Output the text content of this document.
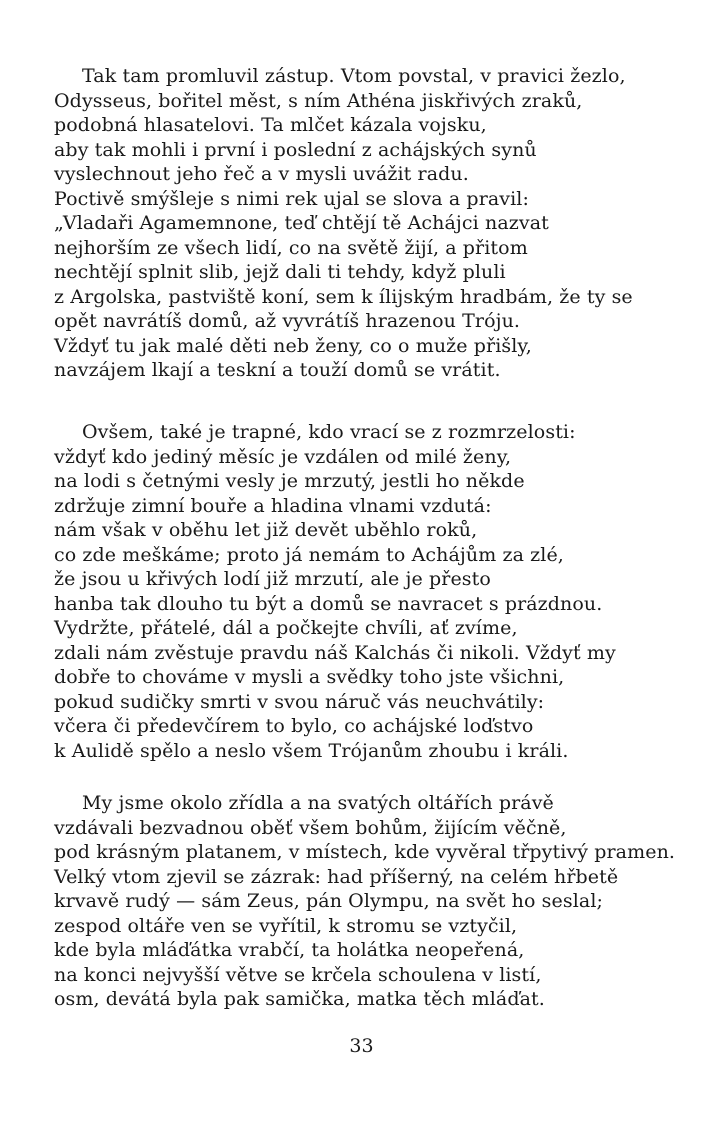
Tak tam promluvil zástup. Vtom povstal, v pravici žezlo,
Odysseus, bořitel měst, s ním Athéna jiskřivých zraků,
podobná hlasatelovi. Ta mlčet kázala vojsku,
aby tak mohli i první i poslední z achájských synů
vyslechnout jeho řeč a v mysli uvážit radu.
Poctivě smýšleje s nimi rek ujal se slova a pravil:
„Vladaři Agamemnone, teď chtějí tě Achájci nazvat
nejhorším ze všech lidí, co na světě žijí, a přitom
nechtějí splnit slib, jejž dali ti tehdy, když pluli
z Argolska, pastviště koní, sem k ílijským hradbám, že ty se
opět navrátíš domů, až vyvrátíš hrazenou Tróju.
Vždyť tu jak malé děti neb ženy, co o muže přišly,
navzájem lkají a teskní a touží domů se vrátit.
Ovšem, také je trapné, kdo vrací se z rozmrzelosti:
vždyť kdo jediný měsíc je vzdálen od milé ženy,
na lodi s četnými vesly je mrzutý, jestli ho někde
zdržuje zimní bouře a hladina vlnami vzdutá:
nám však v oběhu let již devět uběhlo roků,
co zde meškáme; proto já nemám to Achájům za zlé,
že jsou u křivých lodí již mrzutí, ale je přesto
hanba tak dlouho tu být a domů se navracet s prázdnou.
Vydržte, přátelé, dál a počkejte chvíli, ať zvíme,
zdali nám zvěstuje pravdu náš Kalchás či nikoli. Vždyť my
dobře to chováme v mysli a svědky toho jste všichni,
pokud sudičky smrti v svou náruč vás neuchvátily:
včera či předevčírem to bylo, co achájské loďstvo
k Aulidě spělo a neslo všem Trójanům zhoubu i králi.
My jsme okolo zřídla a na svatých oltářích právě
vzdávali bezvadnou oběť všem bohům, žijícím věčně,
pod krásným platanem, v místech, kde vyvěral třpytivý pramen.
Velký vtom zjevil se zázrak: had příšerný, na celém hřbetě
krvavě rudý — sám Zeus, pán Olympu, na svět ho seslal;
zespod oltáře ven se vyřítil, k stromu se vztyčil,
kde byla mláďátka vrabčí, ta holátka neopeřená,
na konci nejvyšší větve se krčela schoulena v listí,
osm, devátá byla pak samička, matka těch mláďat.
33
